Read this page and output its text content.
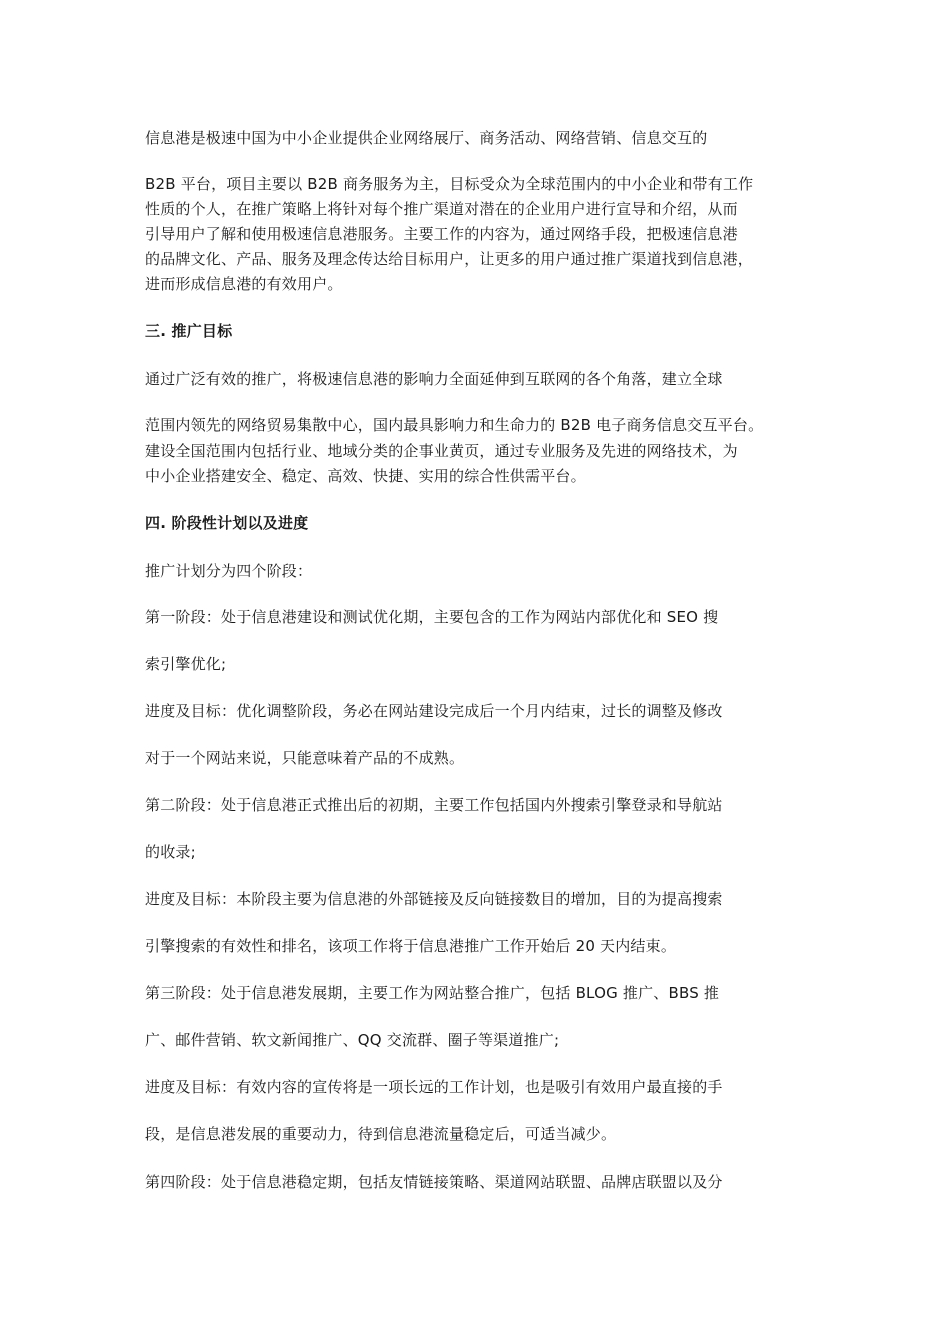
信息港是极速中国为中小企业提供企业网络展厅、商务活动、网络营销、信息交互的
B2B 平台，项目主要以 B2B 商务服务为主，目标受众为全球范围内的中小企业和带有工作
性质的个人，在推广策略上将针对每个推广渠道对潜在的企业用户进行宣导和介绍，从而
引导用户了解和使用极速信息港服务。主要工作的内容为，通过网络手段，把极速信息港
的品牌文化、产品、服务及理念传达给目标用户，让更多的用户通过推广渠道找到信息港，
进而形成信息港的有效用户。
三. 推广目标
通过广泛有效的推广，将极速信息港的影响力全面延伸到互联网的各个角落，建立全球
范围内领先的网络贸易集散中心，国内最具影响力和生命力的 B2B 电子商务信息交互平台。
建设全国范围内包括行业、地域分类的企事业黄页，通过专业服务及先进的网络技术，为
中小企业搭建安全、稳定、高效、快捷、实用的综合性供需平台。
四. 阶段性计划以及进度
推广计划分为四个阶段：
第一阶段：处于信息港建设和测试优化期，主要包含的工作为网站内部优化和 SEO 搜
索引擎优化;
进度及目标：优化调整阶段，务必在网站建设完成后一个月内结束，过长的调整及修改
对于一个网站来说，只能意味着产品的不成熟。
第二阶段：处于信息港正式推出后的初期，主要工作包括国内外搜索引擎登录和导航站
的收录;
进度及目标：本阶段主要为信息港的外部链接及反向链接数目的增加，目的为提高搜索
引擎搜索的有效性和排名，该项工作将于信息港推广工作开始后 20 天内结束。
第三阶段：处于信息港发展期，主要工作为网站整合推广，包括 BLOG 推广、BBS 推
广、邮件营销、软文新闻推广、QQ 交流群、圈子等渠道推广;
进度及目标：有效内容的宣传将是一项长远的工作计划，也是吸引有效用户最直接的手
段，是信息港发展的重要动力，待到信息港流量稳定后，可适当减少。
第四阶段：处于信息港稳定期，包括友情链接策略、渠道网站联盟、品牌店联盟以及分
